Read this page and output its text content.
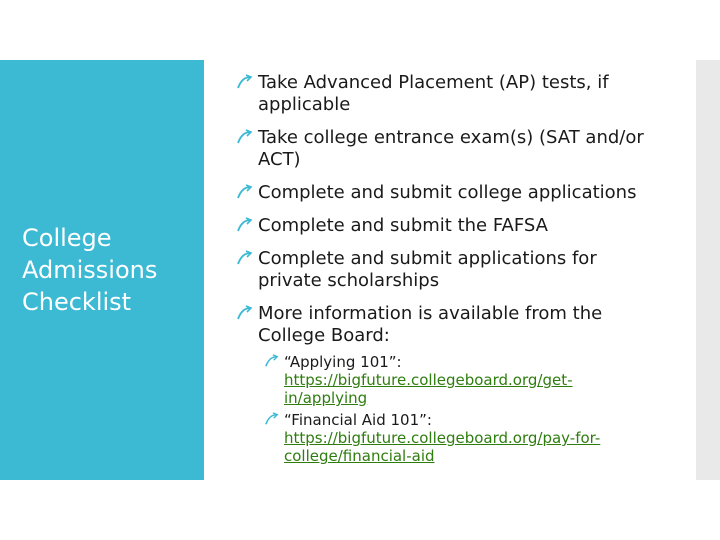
College
Admissions
Checklist
Take Advanced Placement (AP) tests, if
applicable
Take college entrance exam(s) (SAT and/or
ACT)
Complete and submit college applications
Complete and submit the FAFSA
Complete and submit applications for
private scholarships
More information is available from the
College Board:
“Applying 101”:
https://bigfuture.collegeboard.org/get-
in/applying
“Financial Aid 101”:
https://bigfuture.collegeboard.org/pay-for-
college/financial-aid
